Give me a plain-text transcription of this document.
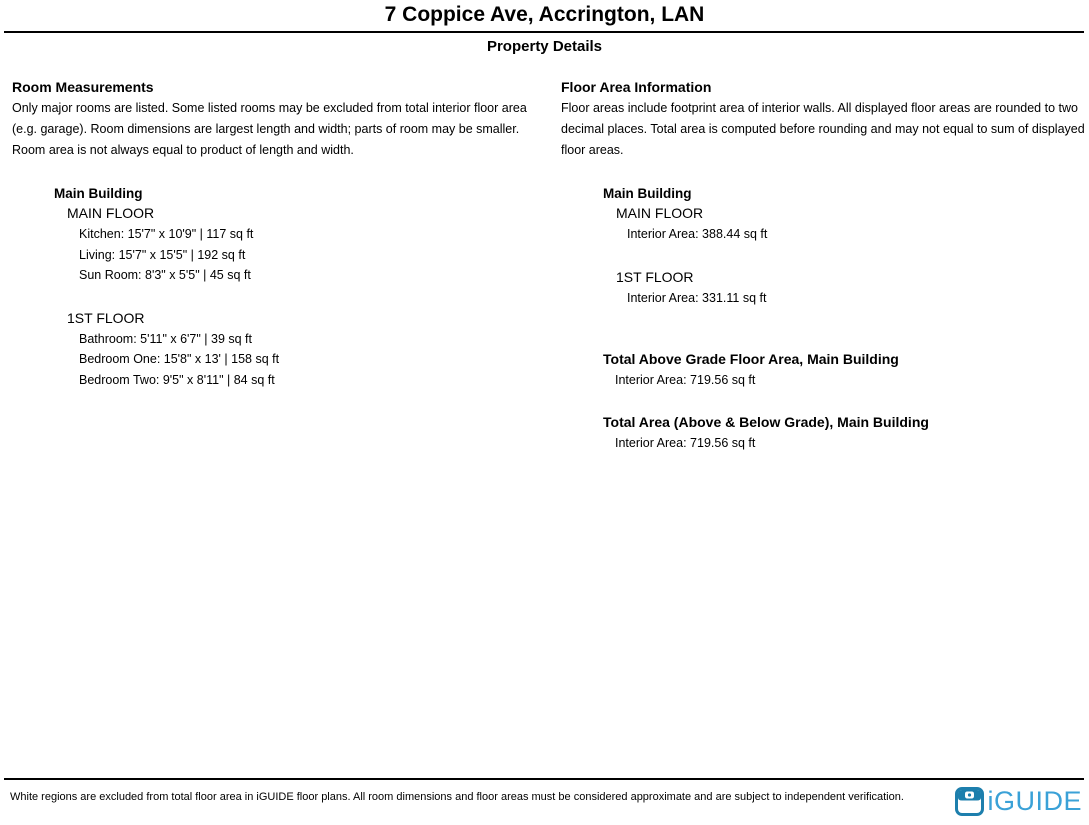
7 Coppice Ave, Accrington, LAN
Property Details
Room Measurements
Only major rooms are listed. Some listed rooms may be excluded from total interior floor area
(e.g. garage). Room dimensions are largest length and width; parts of room may be smaller.
Room area is not always equal to product of length and width.
Main Building
MAIN FLOOR
Kitchen: 15'7" x 10'9" | 117 sq ft
Living: 15'7" x 15'5" | 192 sq ft
Sun Room: 8'3" x 5'5" | 45 sq ft
1ST FLOOR
Bathroom: 5'11" x 6'7" | 39 sq ft
Bedroom One: 15'8" x 13' | 158 sq ft
Bedroom Two: 9'5" x 8'11" | 84 sq ft
Floor Area Information
Floor areas include footprint area of interior walls. All displayed floor areas are rounded to two
decimal places. Total area is computed before rounding and may not equal to sum of displayed
floor areas.
Main Building
MAIN FLOOR
Interior Area: 388.44 sq ft
1ST FLOOR
Interior Area: 331.11 sq ft
Total Above Grade Floor Area, Main Building
Interior Area: 719.56 sq ft
Total Area (Above & Below Grade), Main Building
Interior Area: 719.56 sq ft
White regions are excluded from total floor area in iGUIDE floor plans. All room dimensions and floor areas must be considered approximate and are subject to independent verification.	iGUIDE
